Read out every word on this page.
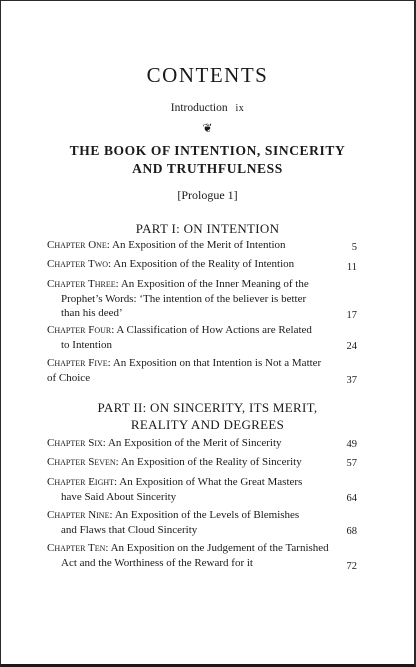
CONTENTS
Introduction ix
❦
THE BOOK OF INTENTION, SINCERITY
AND TRUTHFULNESS
[Prologue 1]
PART I: ON INTENTION
Chapter One: An Exposition of the Merit of Intention	5
Chapter Two: An Exposition of the Reality of Intention	11
Chapter Three: An Exposition of the Inner Meaning of the
Prophet’s Words: ‘The intention of the believer is better
than his deed’	17
Chapter Four: A Classification of How Actions are Related
to Intention	24
Chapter Five: An Exposition on that Intention is Not a Matter
of Choice	37
PART II: ON SINCERITY, ITS MERIT,
REALITY AND DEGREES
Chapter Six: An Exposition of the Merit of Sincerity	49
Chapter Seven: An Exposition of the Reality of Sincerity	57
Chapter Eight: An Exposition of What the Great Masters
have Said About Sincerity	64
Chapter Nine: An Exposition of the Levels of Blemishes
and Flaws that Cloud Sincerity	68
Chapter Ten: An Exposition on the Judgement of the Tarnished
Act and the Worthiness of the Reward for it	72
